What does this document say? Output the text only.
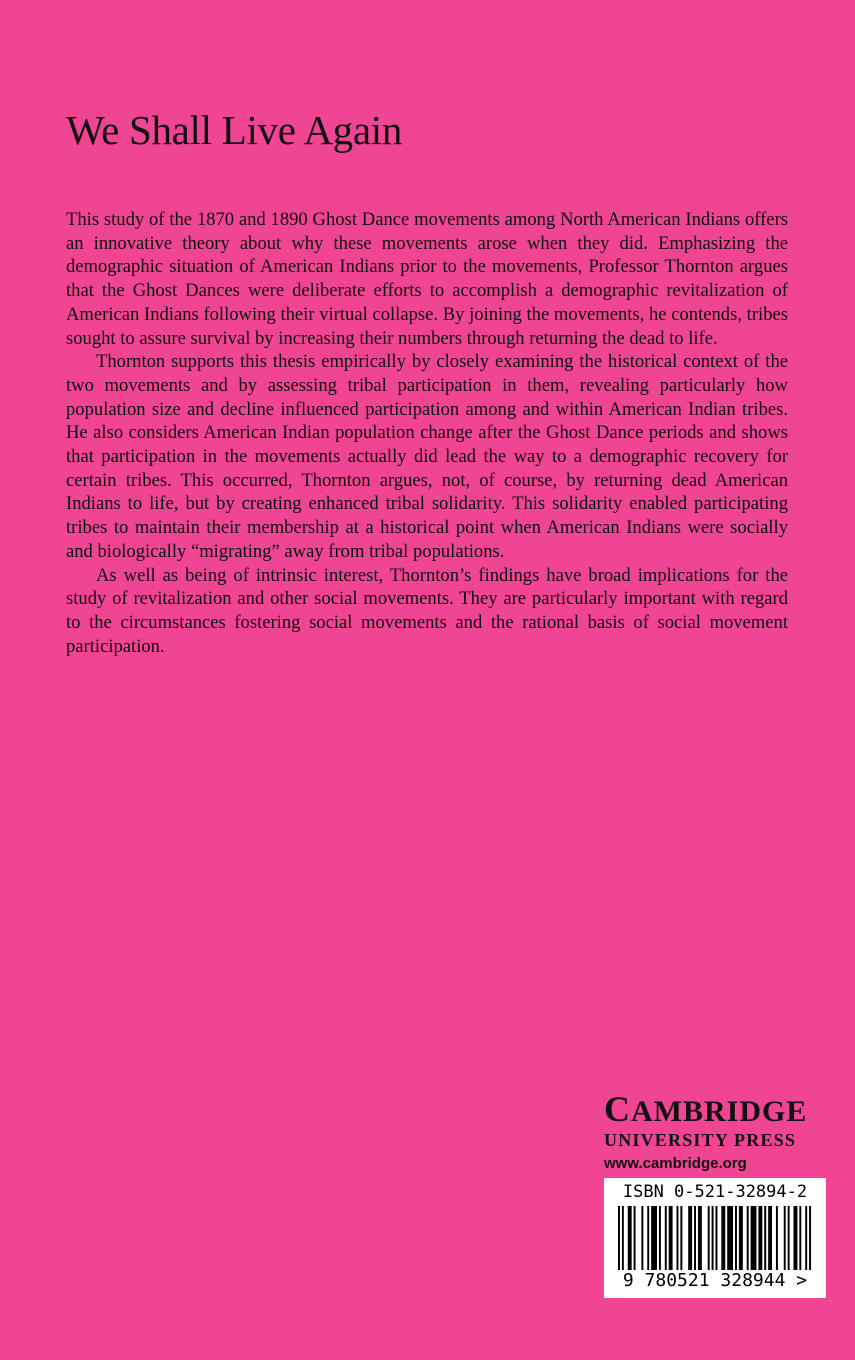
We Shall Live Again

This study of the 1870 and 1890 Ghost Dance movements among North American Indians offers an innovative theory about why these movements arose when they did. Emphasizing the demographic situation of American Indians prior to the movements, Professor Thornton argues that the Ghost Dances were deliberate efforts to accomplish a demographic revitalization of American Indians following their virtual collapse. By joining the movements, he contends, tribes sought to assure survival by increasing their numbers through returning the dead to life.

Thornton supports this thesis empirically by closely examining the historical context of the two movements and by assessing tribal participation in them, revealing particularly how population size and decline influenced participation among and within American Indian tribes. He also considers American Indian population change after the Ghost Dance periods and shows that participation in the movements actually did lead the way to a demographic recovery for certain tribes. This occurred, Thornton argues, not, of course, by returning dead American Indians to life, but by creating enhanced tribal solidarity. This solidarity enabled participating tribes to maintain their membership at a historical point when American Indians were socially and biologically “migrating” away from tribal populations.

As well as being of intrinsic interest, Thornton’s findings have broad implications for the study of revitalization and other social movements. They are particularly important with regard to the circumstances fostering social movements and the rational basis of social movement participation.

CAMBRIDGE
UNIVERSITY PRESS
www.cambridge.org
ISBN 0-521-32894-2
9 780521 328944 >
